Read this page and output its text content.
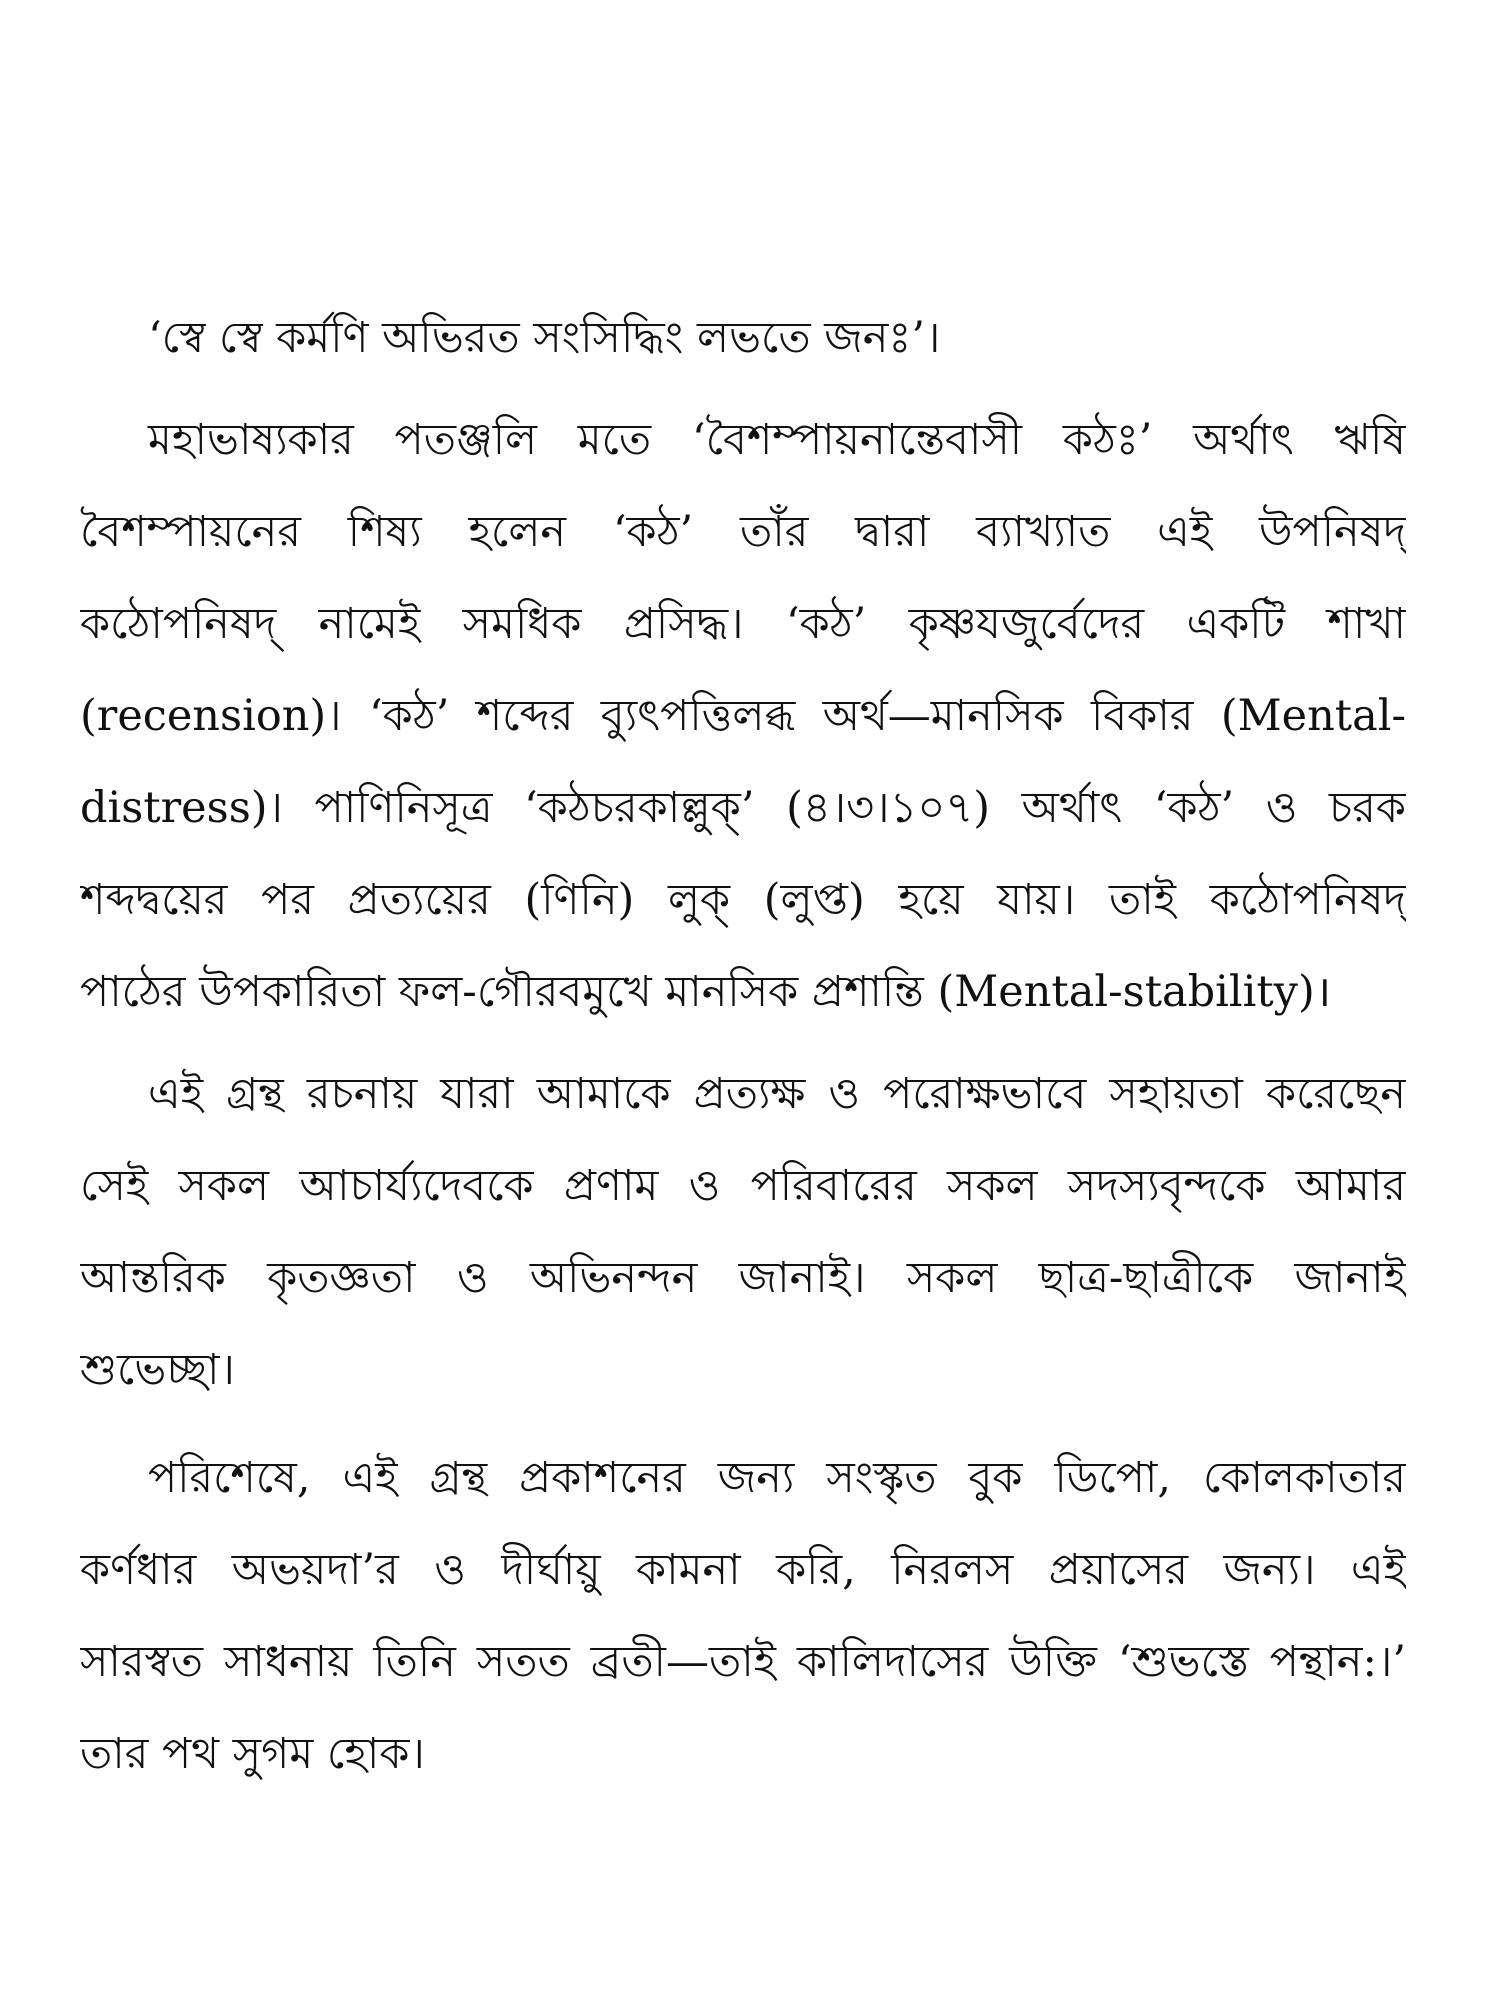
‘স্বে স্বে কর্মণি অভিরত সংসিদ্ধিং লভতে জনঃ’।
মহাভাষ্যকার পতঞ্জলি মতে ‘বৈশম্পায়নান্তেবাসী কঠঃ’ অর্থাৎ ঋষি
বৈশম্পায়নের শিষ্য হলেন ‘কঠ’ তাঁর দ্বারা ব্যাখ্যাত এই উপনিষদ্
কঠোপনিষদ্ নামেই সমধিক প্রসিদ্ধ। ‘কঠ’ কৃষ্ণযজুর্বেদের একটি শাখা
(recension)। ‘কঠ’ শব্দের ব্যুৎপত্তিলব্ধ অর্থ—মানসিক বিকার (Mental-
distress)। পাণিনিসূত্র ‘কঠচরকাল্লুক্’ (৪।৩।১০৭) অর্থাৎ ‘কঠ’ ও চরক
শব্দদ্বয়ের পর প্রত্যয়ের (ণিনি) লুক্ (লুপ্ত) হয়ে যায়। তাই কঠোপনিষদ্
পাঠের উপকারিতা ফল-গৌরবমুখে মানসিক প্রশান্তি (Mental-stability)।
এই গ্রন্থ রচনায় যারা আমাকে প্রত্যক্ষ ও পরোক্ষভাবে সহায়তা করেছেন
সেই সকল আচার্য্যদেবকে প্রণাম ও পরিবারের সকল সদস্যবৃন্দকে আমার
আন্তরিক কৃতজ্ঞতা ও অভিনন্দন জানাই। সকল ছাত্র-ছাত্রীকে জানাই
শুভেচ্ছা।
পরিশেষে, এই গ্রন্থ প্রকাশনের জন্য সংস্কৃত বুক ডিপো, কোলকাতার
কর্ণধার অভয়দা’র ও দীর্ঘায়ু কামনা করি, নিরলস প্রয়াসের জন্য। এই
সারস্বত সাধনায় তিনি সতত ব্রতী—তাই কালিদাসের উক্তি ‘শুভস্তে পন্থান:।’
তার পথ সুগম হোক।
